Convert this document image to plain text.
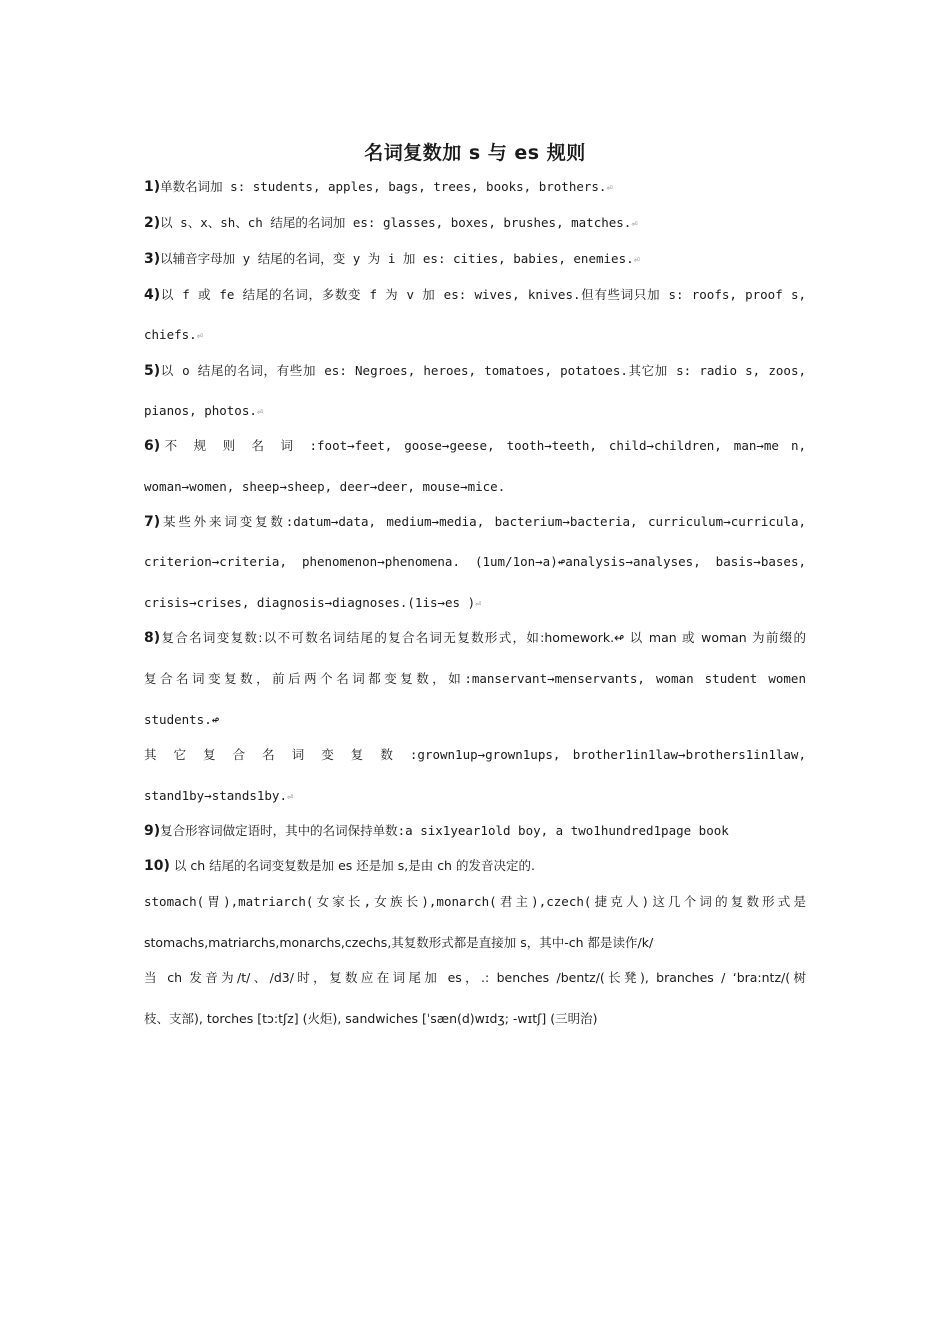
名词复数加 s 与 es 规则
1)单数名词加 s: students, apples, bags, trees, books, brothers.⏎
2)以 s、x、sh、ch 结尾的名词加 es: glasses, boxes, brushes, matches.⏎
3)以辅音字母加 y 结尾的名词，变 y 为 i 加 es: cities, babies, enemies.⏎
4)以 f 或 fe 结尾的名词，多数变 f 为 v 加 es: wives, knives.但有些词只加 s: roofs, proof s,
chiefs.⏎
5)以 o 结尾的名词，有些加 es: Negroes, heroes, tomatoes, potatoes.其它加 s: radio s, zoos,
pianos, photos.⏎
6)不 规 则 名 词 :foot→feet, goose→geese, tooth→teeth, child→children, man→me n,
woman→women, sheep→sheep, deer→deer, mouse→mice.
7)某些外来词变复数:datum→data, medium→media, bacterium→bacteria, curriculum→curricula,
criterion→criteria, phenomenon→phenomena. (1um/1on→a)↫analysis→analyses, basis→bases,
crisis→crises, diagnosis→diagnoses.(1is→es )⏎
8)复合名词变复数:以不可数名词结尾的复合名词无复数形式，如:homework.↫ 以 man 或 woman 为前缀的
复合名词变复数，前后两个名词都变复数，如:manservant→menservants, woman student women
students.↫
其 它 复 合 名 词 变 复 数 :grown1up→grown1ups, brother1in1law→brothers1in1law,
stand1by→stands1by.⏎
9)复合形容词做定语时，其中的名词保持单数:a six1year1old boy, a two1hundred1page book
10) 以 ch 结尾的名词变复数是加 es 还是加 s,是由 ch 的发音决定的.
stomach(胃),matriarch(女家长,女族长),monarch(君主),czech(捷克人)这几个词的复数形式是
stomachs,matriarchs,monarchs,czechs,其复数形式都是直接加 s，其中-ch 都是读作/k/
当 ch 发音为/t/、/d3/时，复数应在词尾加 es，.: benches /bentz/(长凳), branches / ‘bra:ntz/(树
枝、支部), torches [tɔ:tʃz] (火炬), sandwiches [ˈsæn(d)wɪdʒ; -wɪtʃ] (三明治)
